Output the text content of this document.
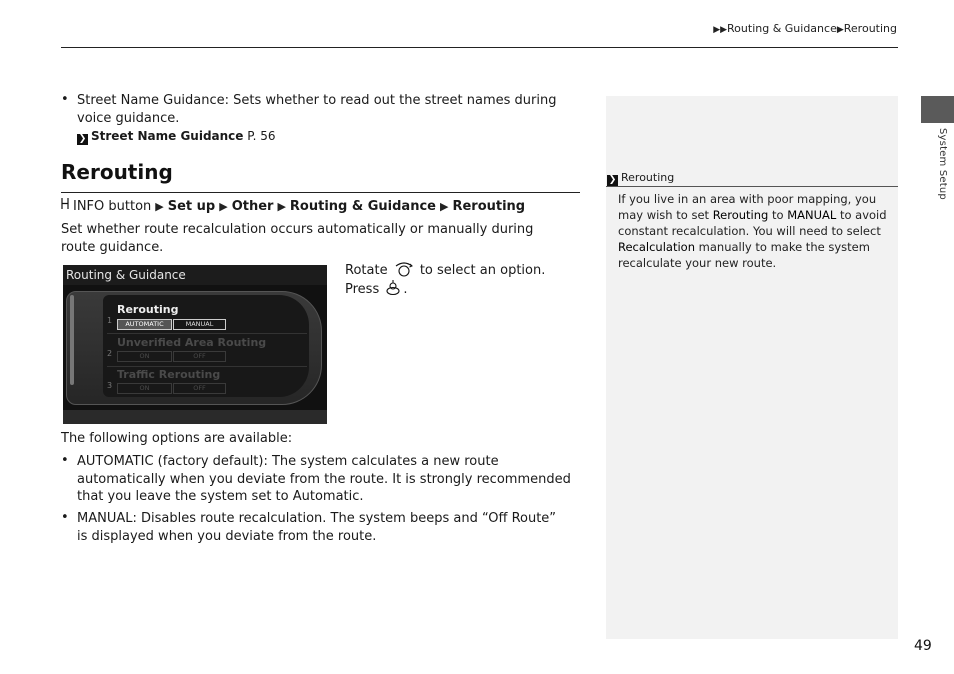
▶▶Routing & Guidance▶Rerouting
System Setup
• Street Name Guidance: Sets whether to read out the street names during voice guidance.
❯ Street Name Guidance P. 56
Rerouting
INFO button ▶ Set up ▶ Other ▶ Routing & Guidance ▶ Rerouting
Set whether route recalculation occurs automatically or manually during route guidance.
Routing & Guidance
1
Rerouting
AUTOMATIC	MANUAL
2
Unverified Area Routing
ON	OFF
3
Traffic Rerouting
ON	OFF
Rotate  to select an option. Press .
The following options are available:
• AUTOMATIC (factory default): The system calculates a new route automatically when you deviate from the route. It is strongly recommended that you leave the system set to Automatic.
• MANUAL: Disables route recalculation. The system beeps and “Off Route” is displayed when you deviate from the route.
❯ Rerouting
If you live in an area with poor mapping, you may wish to set Rerouting to MANUAL to avoid constant recalculation. You will need to select Recalculation manually to make the system recalculate your new route.
49
